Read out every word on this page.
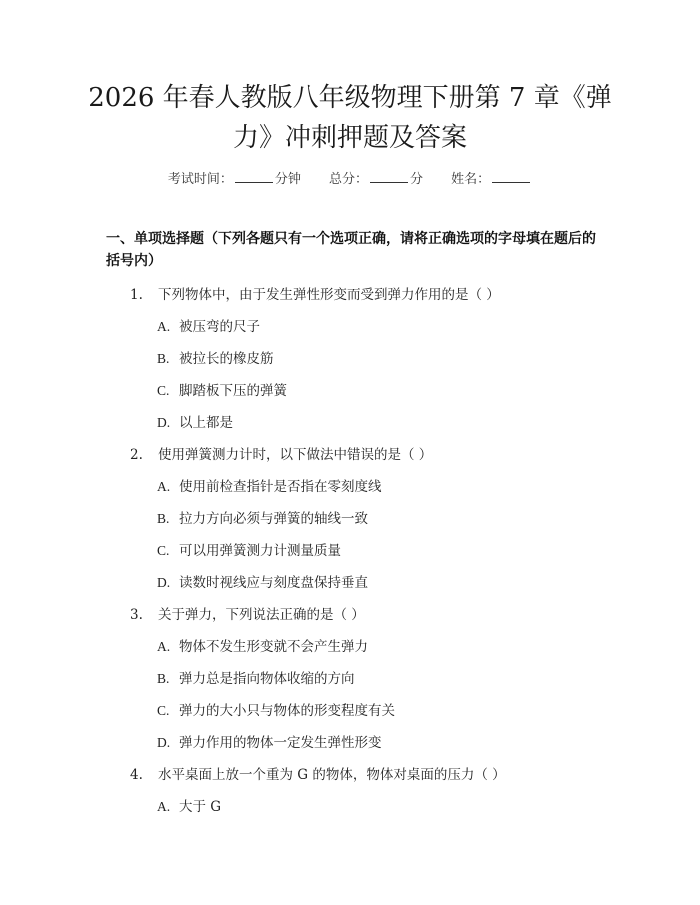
2026 年春人教版八年级物理下册第 7 章《弹
力》冲刺押题及答案
考试时间：	分钟 总分：	分 姓名：
一、单项选择题（下列各题只有一个选项正确，请将正确选项的字母填在题后的括号内）
1. 下列物体中，由于发生弹性形变而受到弹力作用的是（ ）
A. 被压弯的尺子
B. 被拉长的橡皮筋
C. 脚踏板下压的弹簧
D. 以上都是
2. 使用弹簧测力计时，以下做法中错误的是（ ）
A. 使用前检查指针是否指在零刻度线
B. 拉力方向必须与弹簧的轴线一致
C. 可以用弹簧测力计测量质量
D. 读数时视线应与刻度盘保持垂直
3. 关于弹力，下列说法正确的是（ ）
A. 物体不发生形变就不会产生弹力
B. 弹力总是指向物体收缩的方向
C. 弹力的大小只与物体的形变程度有关
D. 弹力作用的物体一定发生弹性形变
4. 水平桌面上放一个重为 G 的物体，物体对桌面的压力（ ）
A. 大于 G
